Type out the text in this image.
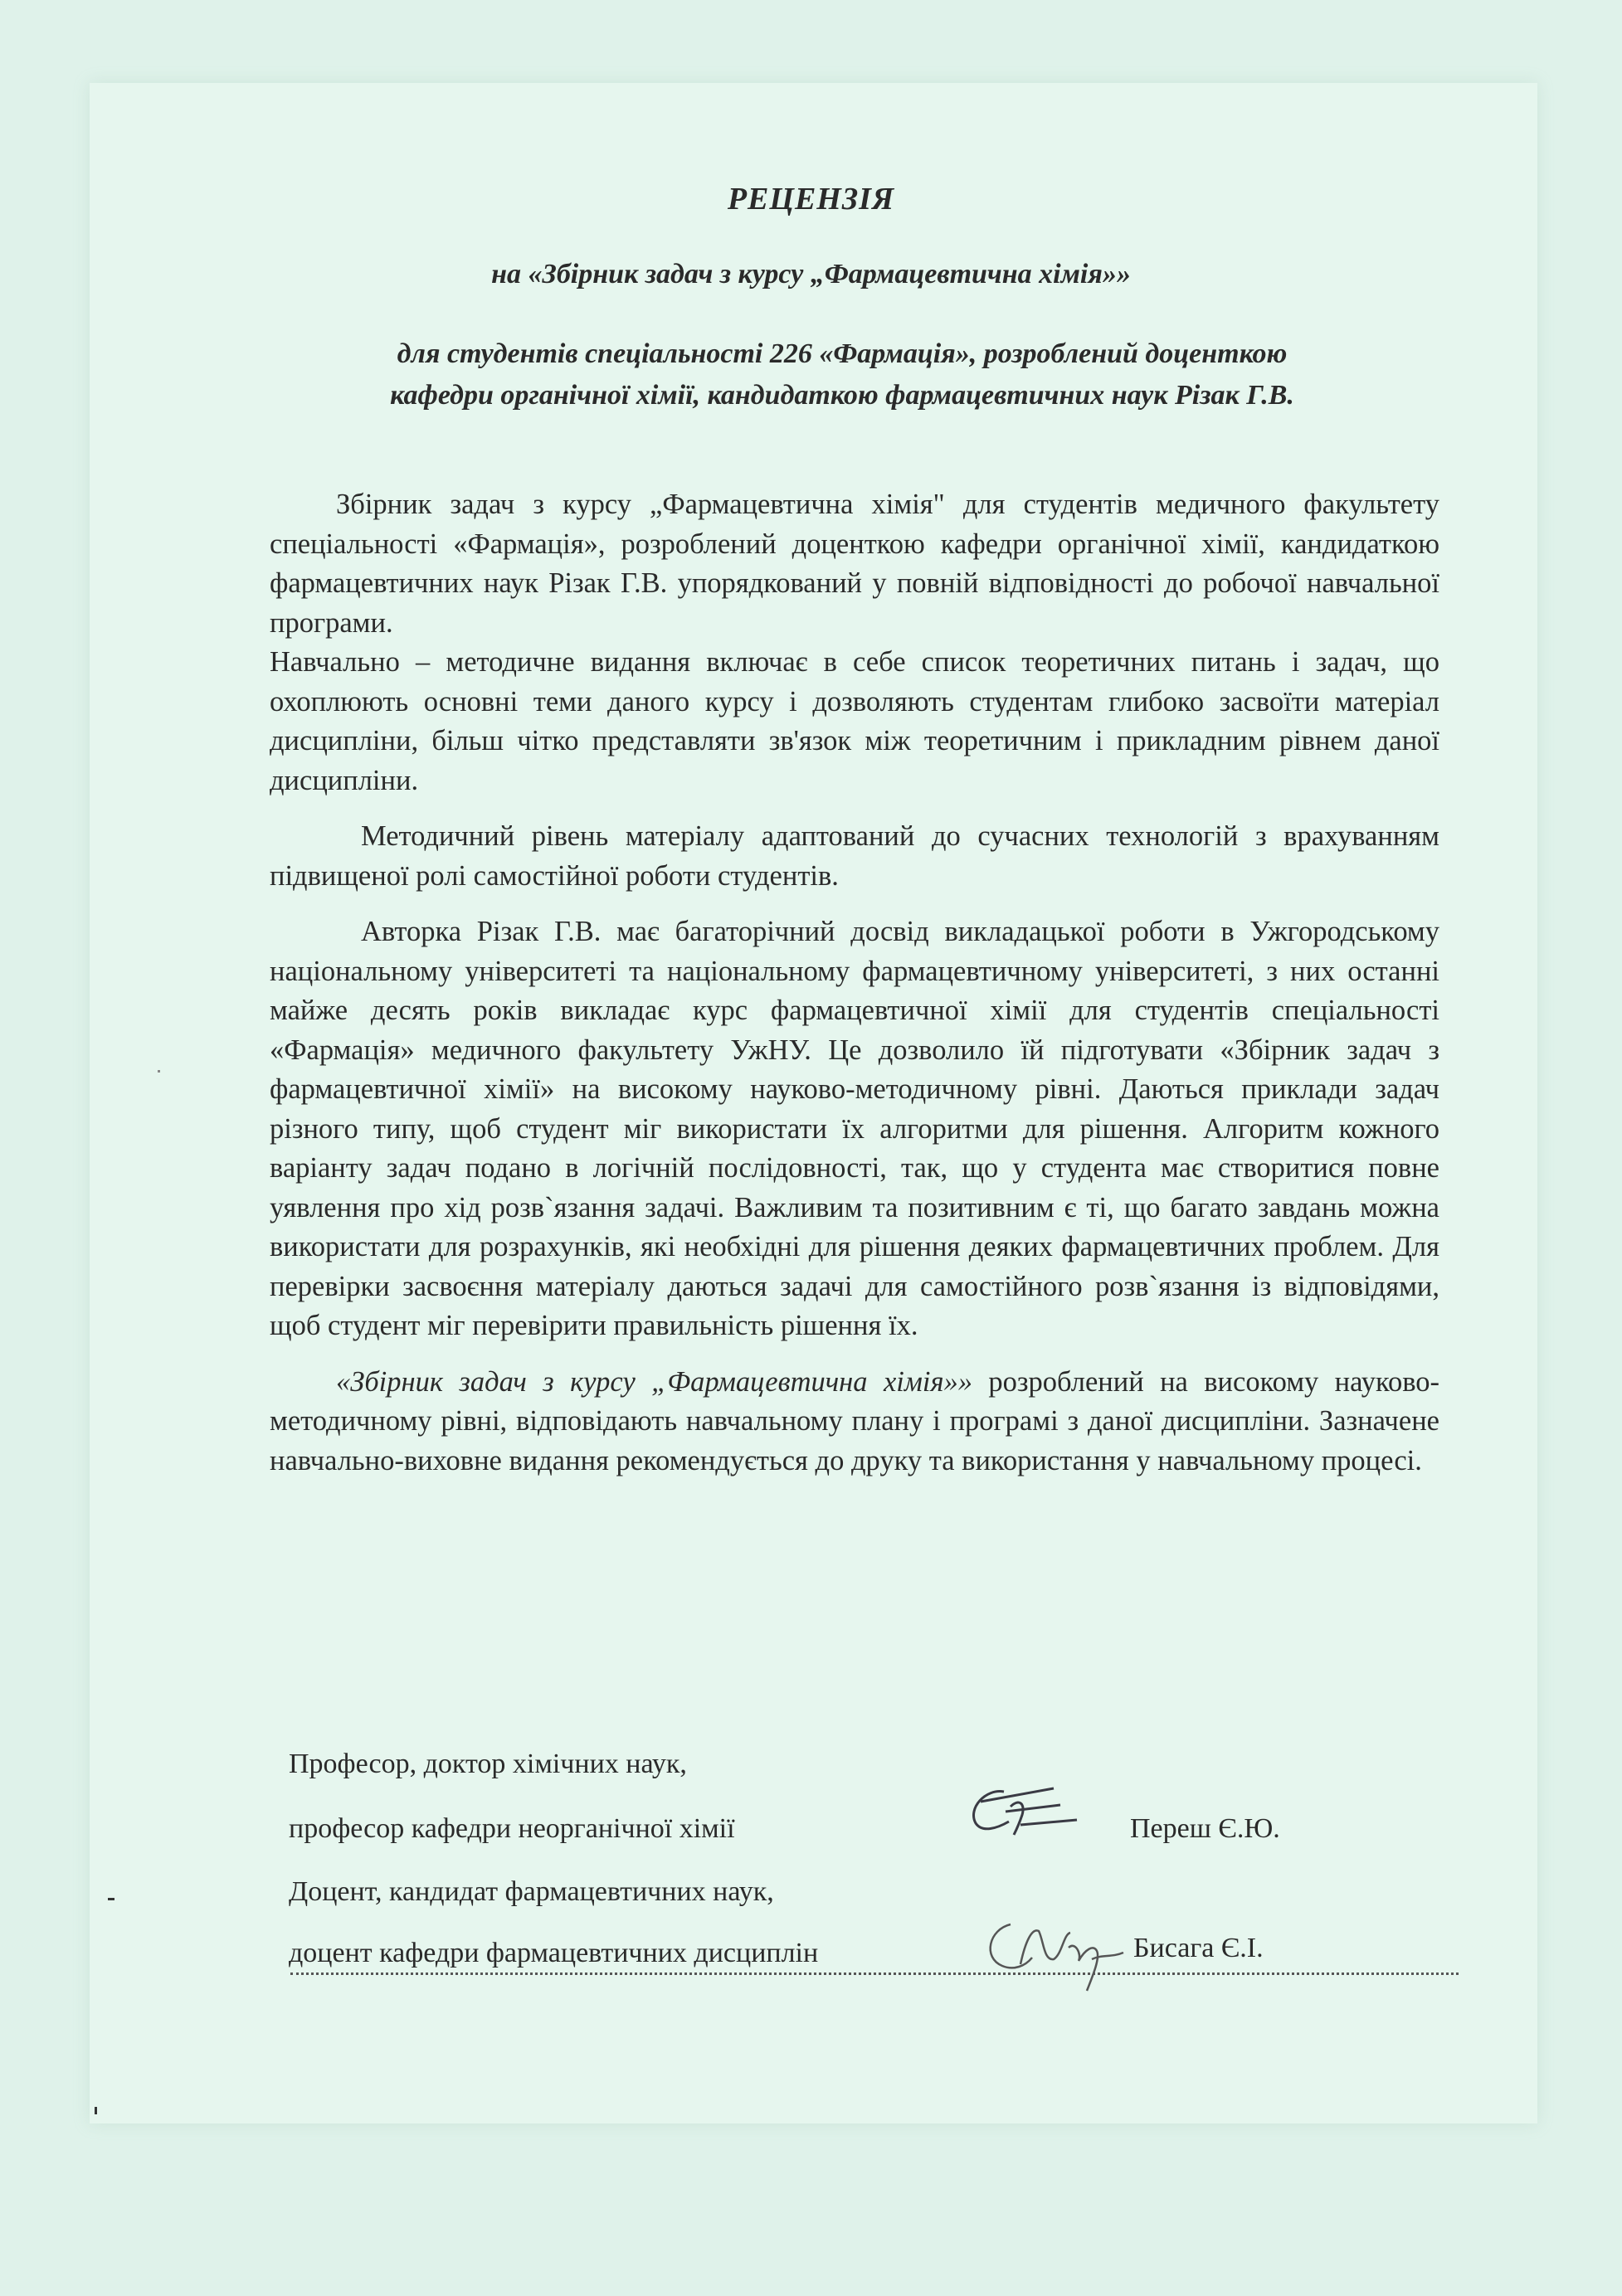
РЕЦЕНЗІЯ
на «Збірник задач з курсу „Фармацевтична хімія»»
для студентів спеціальності 226 «Фармація», розроблений доценткою
кафедри органічної хімії, кандидаткою фармацевтичних наук Різак Г.В.

Збірник задач з курсу „Фармацевтична хімія" для студентів медичного факультету спеціальності «Фармація», розроблений доценткою кафедри органічної хімії, кандидаткою фармацевтичних наук Різак Г.В. упорядкований у повній відповідності до робочої навчальної програми.

Навчально – методичне видання включає в себе список теоретичних питань і задач, що охоплюють основні теми даного курсу і дозволяють студентам глибоко засвоїти матеріал дисципліни, більш чітко представляти зв'язок між теоретичним і прикладним рівнем даної дисципліни.

Методичний рівень матеріалу адаптований до сучасних технологій з врахуванням підвищеної ролі самостійної роботи студентів.

Авторка Різак Г.В. має багаторічний досвід викладацької роботи в Ужгородському національному університеті та національному фармацевтичному університеті, з них останні майже десять років викладає курс фармацевтичної хімії для студентів спеціальності «Фармація» медичного факультету УжНУ. Це дозволило їй підготувати «Збірник задач з фармацевтичної хімії» на високому науково-методичному рівні. Даються приклади задач різного типу, щоб студент міг використати їх алгоритми для рішення. Алгоритм кожного варіанту задач подано в логічній послідовності, так, що у студента має створитися повне уявлення про хід розв`язання задачі. Важливим та позитивним є ті, що багато завдань можна використати для розрахунків, які необхідні для рішення деяких фармацевтичних проблем. Для перевірки засвоєння матеріалу даються задачі для самостійного розв`язання із відповідями, щоб студент міг перевірити правильність рішення їх.

«Збірник задач з курсу „Фармацевтична хімія»» розроблений на високому науково-методичному рівні, відповідають навчальному плану і програмі з даної дисципліни. Зазначене навчально-виховне видання рекомендується до друку та використання у навчальному процесі.

Професор, доктор хімічних наук,
професор кафедри неорганічної хімії	Переш Є.Ю.
Доцент, кандидат фармацевтичних наук,
доцент кафедри фармацевтичних дисциплін	Бисага Є.І.
